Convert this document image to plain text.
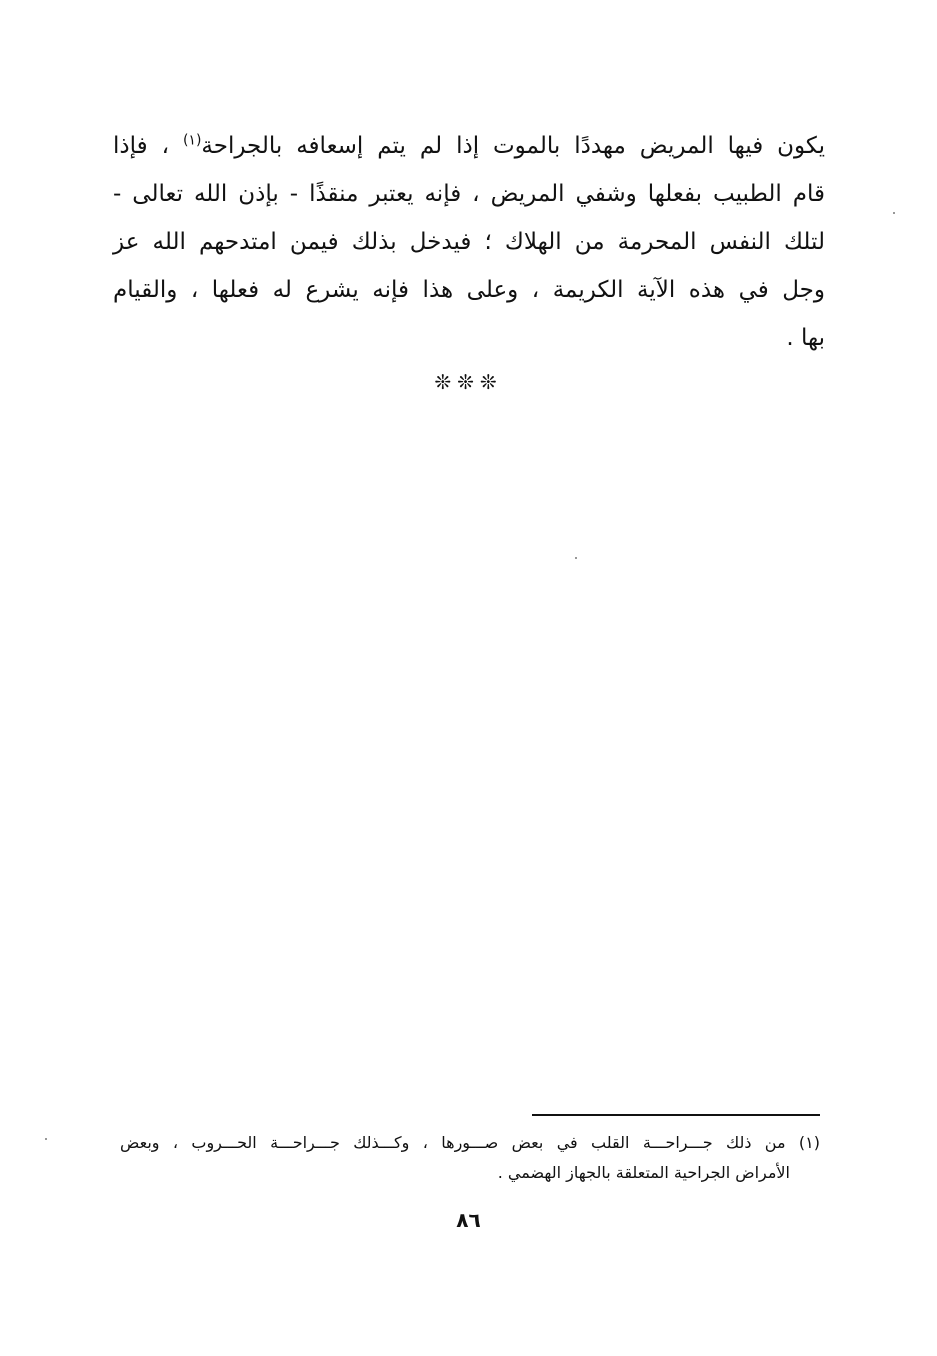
يكون فيها المريض مهددًا بالموت إذا لم يتم إسعافه بالجراحة$^{(١)}$ ، فإذا
قام الطبيب بفعلها وشفي المريض ، فإنه يعتبر منقذًا - بإذن الله تعالى -
لتلك النفس المحرمة من الهلاك ؛ فيدخل بذلك فيمن امتدحهم الله عز
وجل في هذه الآية الكريمة ، وعلى هذا فإنه يشرع له فعلها ، والقيام
بها .
❊❊❊
(١) من ذلك جـــراحـــة القلب في بعض صـــورها ، وكـــذلك جـــراحـــة الحـــروب ، وبعض
الأمراض الجراحية المتعلقة بالجهاز الهضمي .
٨٦
